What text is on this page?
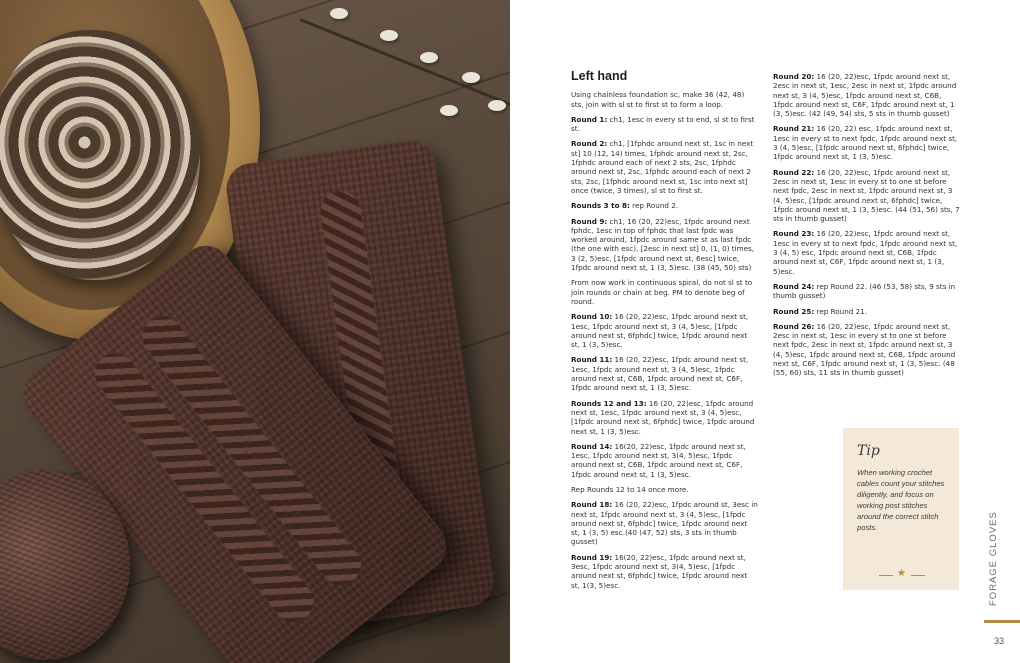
Left hand
Using chainless foundation sc, make 36 (42, 48) sts, join with sl st to first st to form a loop.
Round 1: ch1, 1esc in every st to end, sl st to first st.
Round 2: ch1, [1fphdc around next st, 1sc in next st] 10 (12, 14) times, 1fphdc around next st, 2sc, 1fphdc around each of next 2 sts, 2sc, 1fphdc around next st, 2sc, 1fphdc around each of next 2 sts, 2sc, [1fphdc around next st, 1sc into next st] once (twice, 3 times), sl st to first st.
Rounds 3 to 8: rep Round 2.
Round 9: ch1, 16 (20, 22)esc, 1fpdc around next fphdc, 1esc in top of fphdc that last fpdc was worked around, 1fpdc around same st as last fpdc (the one with esc), [2esc in next st] 0, (1, 0) times, 3 (2, 5)esc, [1fpdc around next st, 6esc] twice, 1fpdc around next st, 1 (3, 5)esc. (38 (45, 50) sts)
From now work in continuous spiral, do not sl st to join rounds or chain at beg. PM to denote beg of round.
Round 10: 16 (20, 22)esc, 1fpdc around next st, 1esc, 1fpdc around next st, 3 (4, 5)esc, [1fpdc around next st, 6fphdc] twice, 1fpdc around next st, 1 (3, 5)esc.
Round 11: 16 (20, 22)esc, 1fpdc around next st, 1esc, 1fpdc around next st, 3 (4, 5)esc, 1fpdc around next st, C6B, 1fpdc around next st, C6F, 1fpdc around next st, 1 (3, 5)esc.
Rounds 12 and 13: 16 (20, 22)esc, 1fpdc around next st, 1esc, 1fpdc around next st, 3 (4, 5)esc, [1fpdc around next st, 6fphdc] twice, 1fpdc around next st, 1 (3, 5)esc.
Round 14: 16(20, 22)esc, 1fpdc around next st, 1esc, 1fpdc around next st, 3(4, 5)esc, 1fpdc around next st, C6B, 1fpdc around next st, C6F, 1fpdc around next st, 1 (3, 5)esc.
Rep Rounds 12 to 14 once more.
Round 18: 16 (20, 22)esc, 1fpdc around st, 3esc in next st, 1fpdc around next st, 3 (4, 5)esc, [1fpdc around next st, 6fphdc] twice, 1fpdc around next st, 1 (3, 5) esc.(40 (47, 52) sts, 3 sts in thumb gusset)
Round 19: 16(20, 22)esc, 1fpdc around next st, 3esc, 1fpdc around next st, 3(4, 5)esc, [1fpdc around next st, 6fphdc] twice, 1fpdc around next st, 1(3, 5)esc.
Round 20: 16 (20, 22)esc, 1fpdc around next st, 2esc in next st, 1esc, 2esc in next st, 1fpdc around next st, 3 (4, 5)esc, 1fpdc around next st, C6B, 1fpdc around next st, C6F, 1fpdc around next st, 1 (3, 5)esc. (42 (49, 54) sts, 5 sts in thumb gusset)
Round 21: 16 (20, 22) esc, 1fpdc around next st, 1esc in every st to next fpdc, 1fpdc around next st, 3 (4, 5)esc, [1fpdc around next st, 6fphdc] twice, 1fpdc around next st, 1 (3, 5)esc.
Round 22: 16 (20, 22)esc, 1fpdc around next st, 2esc in next st, 1esc in every st to one st before next fpdc, 2esc in next st, 1fpdc around next st, 3 (4, 5)esc, [1fpdc around next st, 6fphdc] twice, 1fpdc around next st, 1 (3, 5)esc. (44 (51, 56) sts, 7 sts in thumb gusset)
Round 23: 16 (20, 22)esc, 1fpdc around next st, 1esc in every st to next fpdc, 1fpdc around next st, 3 (4, 5) esc, 1fpdc around next st, C6B, 1fpdc around next st, C6F, 1fpdc around next st, 1 (3, 5)esc.
Round 24: rep Round 22. (46 (53, 58) sts, 9 sts in thumb gusset)
Round 25: rep Round 21.
Round 26: 16 (20, 22)esc, 1fpdc around next st, 2esc in next st, 1esc in every st to one st before next fpdc, 2esc in next st, 1fpdc around next st, 3 (4, 5)esc, 1fpdc around next st, C6B, 1fpdc around next st, C6F, 1fpdc around next st, 1 (3, 5)esc. (48 (55, 60) sts, 11 sts in thumb gusset)
Tip
When working crochet cables count your stitches diligently, and focus on working post stitches around the correct stitch posts.
★	FORAGE GLOVES
33
